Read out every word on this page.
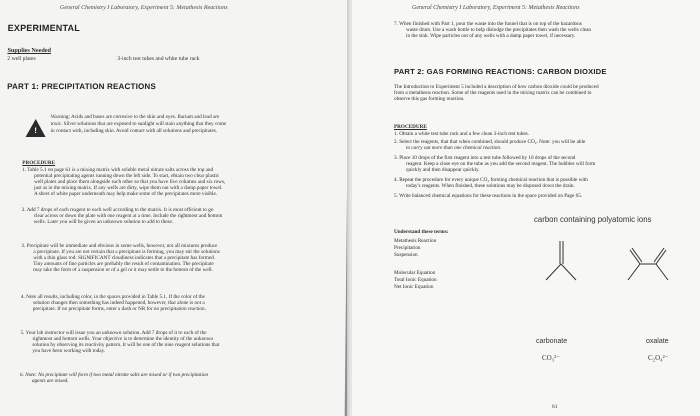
General Chemistry I Laboratory, Experiment 5: Metathesis Reactions
EXPERIMENTAL
Supplies Needed
2 well plates	3-inch test tubes and white tube rack
PART 1: PRECIPITATION REACTIONS
!
Warning: Acids and bases are corrosive to the skin and eyes. Barium and lead are
toxic. Silver solutions that are exposed to sunlight will stain anything that they come
in contact with, including skin. Avoid contact with all solutions and precipitates.
PROCEDURE
1. Table 5.1 on page 61 is a mixing matrix with soluble metal nitrate salts across the top and
potential precipitating agents running down the left side. To start, obtain two clear plastic
well plates and place them alongside each other so that you have five columns and six rows,
just as in the mixing matrix. If any wells are dirty, wipe them out with a damp paper towel.
A sheet of white paper underneath may help make some of the precipitates more visible.
2. Add 7 drops of each reagent to each well according to the matrix. It is most efficient to go
clear across or down the plate with one reagent at a time. Include the rightmost and bottom
wells. Later you will be given an unknown solution to add to these.
3. Precipitate will be immediate and obvious in some wells, however, not all mixtures produce
a precipitate. If you are not certain that a precipitate is forming, you may stir the solutions
with a thin glass rod. SIGNIFICANT cloudiness indicates that a precipitate has formed.
Tiny amounts of fine particles are probably the result of contamination. The precipitate
may take the form of a suspension or of a gel or it may settle to the bottom of the well.
4. Note all results, including color, in the spaces provided in Table 5.1. If the color of the
solution changes then something has indeed happened, however, that alone is not a
precipitate. If no precipitate forms, enter a dash or NR for no precipitation reaction.
5. Your lab instructor will issue you an unknown solution. Add 7 drops of it to each of the
rightmost and bottom wells. Your objective is to determine the identity of the unknown
solution by observing its reactivity pattern. It will be one of the nine reagent solutions that
you have been working with today.
6. Note: No precipitate will form if two metal nitrate salts are mixed or if two precipitation
agents are mixed.
General Chemistry I Laboratory, Experiment 5: Metathesis Reactions
7. When finished with Part 1, pour the waste into the funnel that is on top of the hazardous
waste drum. Use a wash bottle to help dislodge the precipitates then wash the wells clean
in the sink. Wipe particles out of any wells with a damp paper towel, if necessary.
PART 2: GAS FORMING REACTIONS: CARBON DIOXIDE
The Introduction to Experiment 5 included a description of how carbon dioxide could be produced
from a metathesis reaction. Some of the reagents used in the mixing matrix can be combined to
observe this gas forming reaction.
PROCEDURE
1. Obtain a white test tube rack and a few clean 3-inch test tubes.
2. Select the reagents, that that when combined, should produce CO₂. Note: you will be able
to carry out more than one chemical reaction.
3. Place 10 drops of the first reagent into a test tube followed by 10 drops of the second
reagent. Keep a close eye on the tube as you add the second reagent. The bubbles will form
quickly and then disappear quickly.
4. Repeat the procedure for every unique CO₂ forming chemical reaction that is possible with
today's reagents. When finished, these solutions may be disposed down the drain.
5. Write balanced chemical equations for these reactions in the space provided on Page 65.
Understand these terms:
Metathesis Reaction
Precipitation
Suspension
Molecular Equation
Total Ionic Equation
Net Ionic Equation
carbon containing polyatomic ions
carbonate	oxalate
CO₃²⁻	C₂O₄²⁻
61
